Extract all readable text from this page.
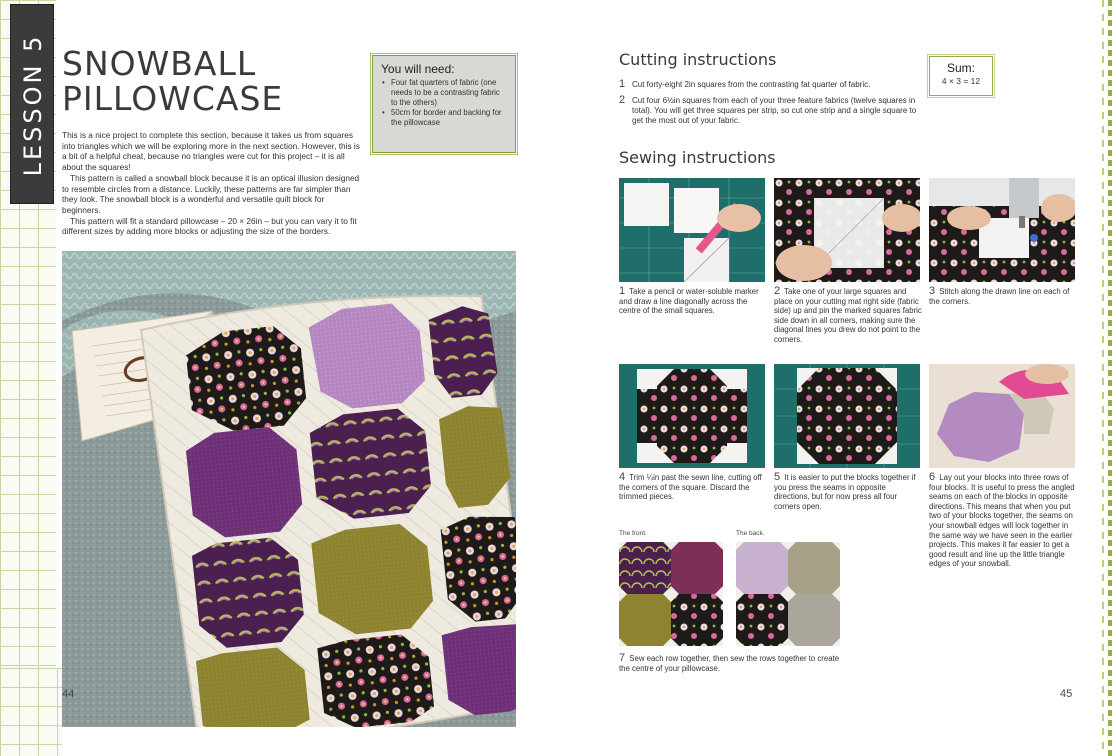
LESSON 5 SNOWBALL
PILLOWCASE

This is a nice project to complete this section, because it takes us from squares into triangles which we will be exploring more in the next section. However, this is a bit of a helpful cheat, because no triangles were cut for this project – it is all about the squares!

This pattern is called a snowball block because it is an optical illusion designed to resemble circles from a distance. Luckily, these patterns are far simpler than they look. The snowball block is a wonderful and versatile quilt block for beginners.

This pattern will fit a standard pillowcase – 20 × 26in – but you can vary it to fit different sizes by adding more blocks or adjusting the size of the borders.

You will need:
• Four fat quarters of fabric (one needs to be a contrasting fabric to the others)
• 50cm for border and backing for the pillowcase
44
Cutting instructions
1 Cut forty-eight 2in squares from the contrasting fat quarter of fabric.
2 Cut four 6½in squares from each of your three feature fabrics (twelve squares in total). You will get three squares per strip, so cut one strip and a single square to get the most out of your fabric.
Sum:
4 × 3 = 12
Sewing instructions
1 Take a pencil or water-soluble marker and draw a line diagonally across the centre of the small squares.
2 Take one of your large squares and place on your cutting mat right side (fabric side) up and pin the marked squares fabric side down in all corners, making sure the diagonal lines you drew do not point to the corners.
3 Stitch along the drawn line on each of the corners.
4 Trim ¼in past the sewn line, cutting off the corners of the square. Discard the trimmed pieces.
5 It is easier to put the blocks together if you press the seams in opposite directions, but for now press all four corners open.
6 Lay out your blocks into three rows of four blocks. It is useful to press the angled seams on each of the blocks in opposite directions. This means that when you put two of your blocks together, the seams on your snowball edges will lock together in the same way we have seen in the earlier projects. This makes it far easier to get a good result and line up the little triangle edges of your snowball.
The front.	The back.
7 Sew each row together, then sew the rows together to create the centre of your pillowcase.
45
